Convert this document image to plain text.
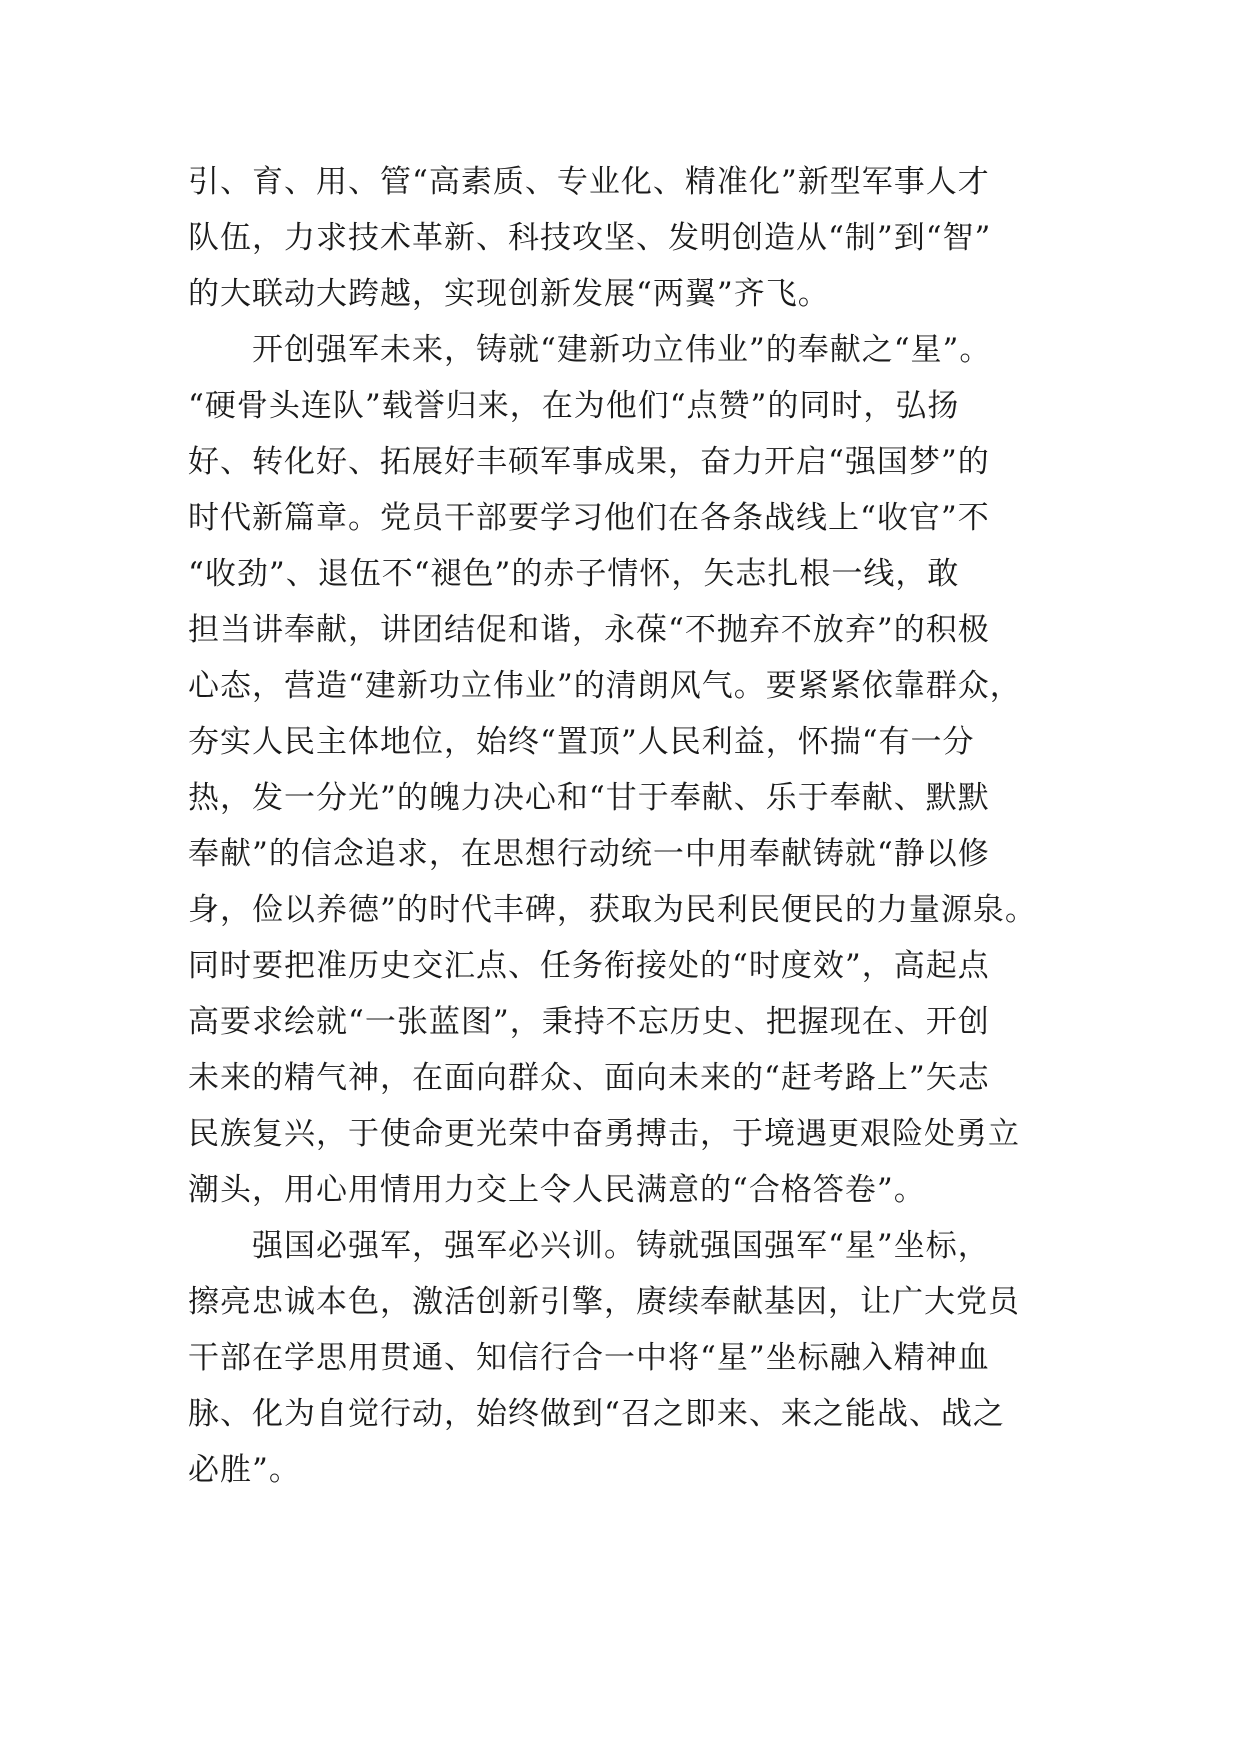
引、育、用、管“高素质、专业化、精准化”新型军事人才
队伍，力求技术革新、科技攻坚、发明创造从“制”到“智”
的大联动大跨越，实现创新发展“两翼”齐飞。
　　开创强军未来，铸就“建新功立伟业”的奉献之“星”。
“硬骨头连队”载誉归来，在为他们“点赞”的同时，弘扬
好、转化好、拓展好丰硕军事成果，奋力开启“强国梦”的
时代新篇章。党员干部要学习他们在各条战线上“收官”不
“收劲”、退伍不“褪色”的赤子情怀，矢志扎根一线，敢
担当讲奉献，讲团结促和谐，永葆“不抛弃不放弃”的积极
心态，营造“建新功立伟业”的清朗风气。要紧紧依靠群众，
夯实人民主体地位，始终“置顶”人民利益，怀揣“有一分
热，发一分光”的魄力决心和“甘于奉献、乐于奉献、默默
奉献”的信念追求，在思想行动统一中用奉献铸就“静以修
身，俭以养德”的时代丰碑，获取为民利民便民的力量源泉。
同时要把准历史交汇点、任务衔接处的“时度效”，高起点
高要求绘就“一张蓝图”，秉持不忘历史、把握现在、开创
未来的精气神，在面向群众、面向未来的“赶考路上”矢志
民族复兴，于使命更光荣中奋勇搏击，于境遇更艰险处勇立
潮头，用心用情用力交上令人民满意的“合格答卷”。
　　强国必强军，强军必兴训。铸就强国强军“星”坐标，
擦亮忠诚本色，激活创新引擎，赓续奉献基因，让广大党员
干部在学思用贯通、知信行合一中将“星”坐标融入精神血
脉、化为自觉行动，始终做到“召之即来、来之能战、战之
必胜”。
